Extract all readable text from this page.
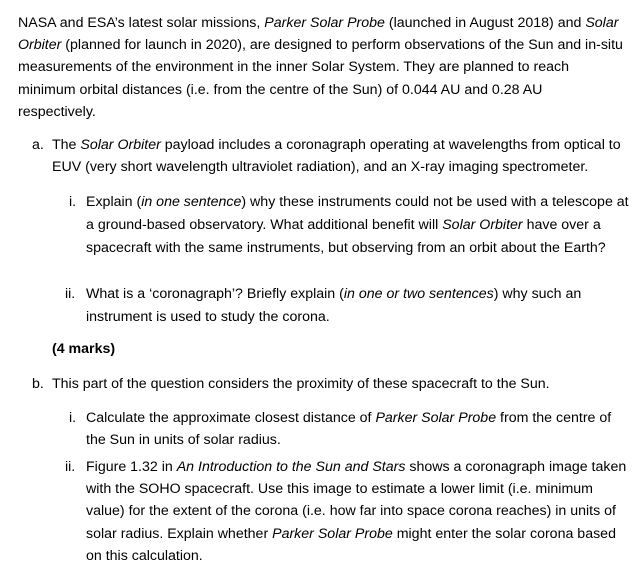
NASA and ESA’s latest solar missions, Parker Solar Probe (launched in August 2018) and Solar Orbiter (planned for launch in 2020), are designed to perform observations of the Sun and in-situ measurements of the environment in the inner Solar System. They are planned to reach minimum orbital distances (i.e. from the centre of the Sun) of 0.044 AU and 0.28 AU respectively.

a. The Solar Orbiter payload includes a coronagraph operating at wavelengths from optical to EUV (very short wavelength ultraviolet radiation), and an X-ray imaging spectrometer.
i. Explain (in one sentence) why these instruments could not be used with a telescope at a ground-based observatory. What additional benefit will Solar Orbiter have over a spacecraft with the same instruments, but observing from an orbit about the Earth?
ii. What is a ‘coronagraph’? Briefly explain (in one or two sentences) why such an instrument is used to study the corona.
(4 marks)
b. This part of the question considers the proximity of these spacecraft to the Sun.
i. Calculate the approximate closest distance of Parker Solar Probe from the centre of the Sun in units of solar radius.
ii. Figure 1.32 in An Introduction to the Sun and Stars shows a coronagraph image taken with the SOHO spacecraft. Use this image to estimate a lower limit (i.e. minimum value) for the extent of the corona (i.e. how far into space corona reaches) in units of solar radius. Explain whether Parker Solar Probe might enter the solar corona based on this calculation.
